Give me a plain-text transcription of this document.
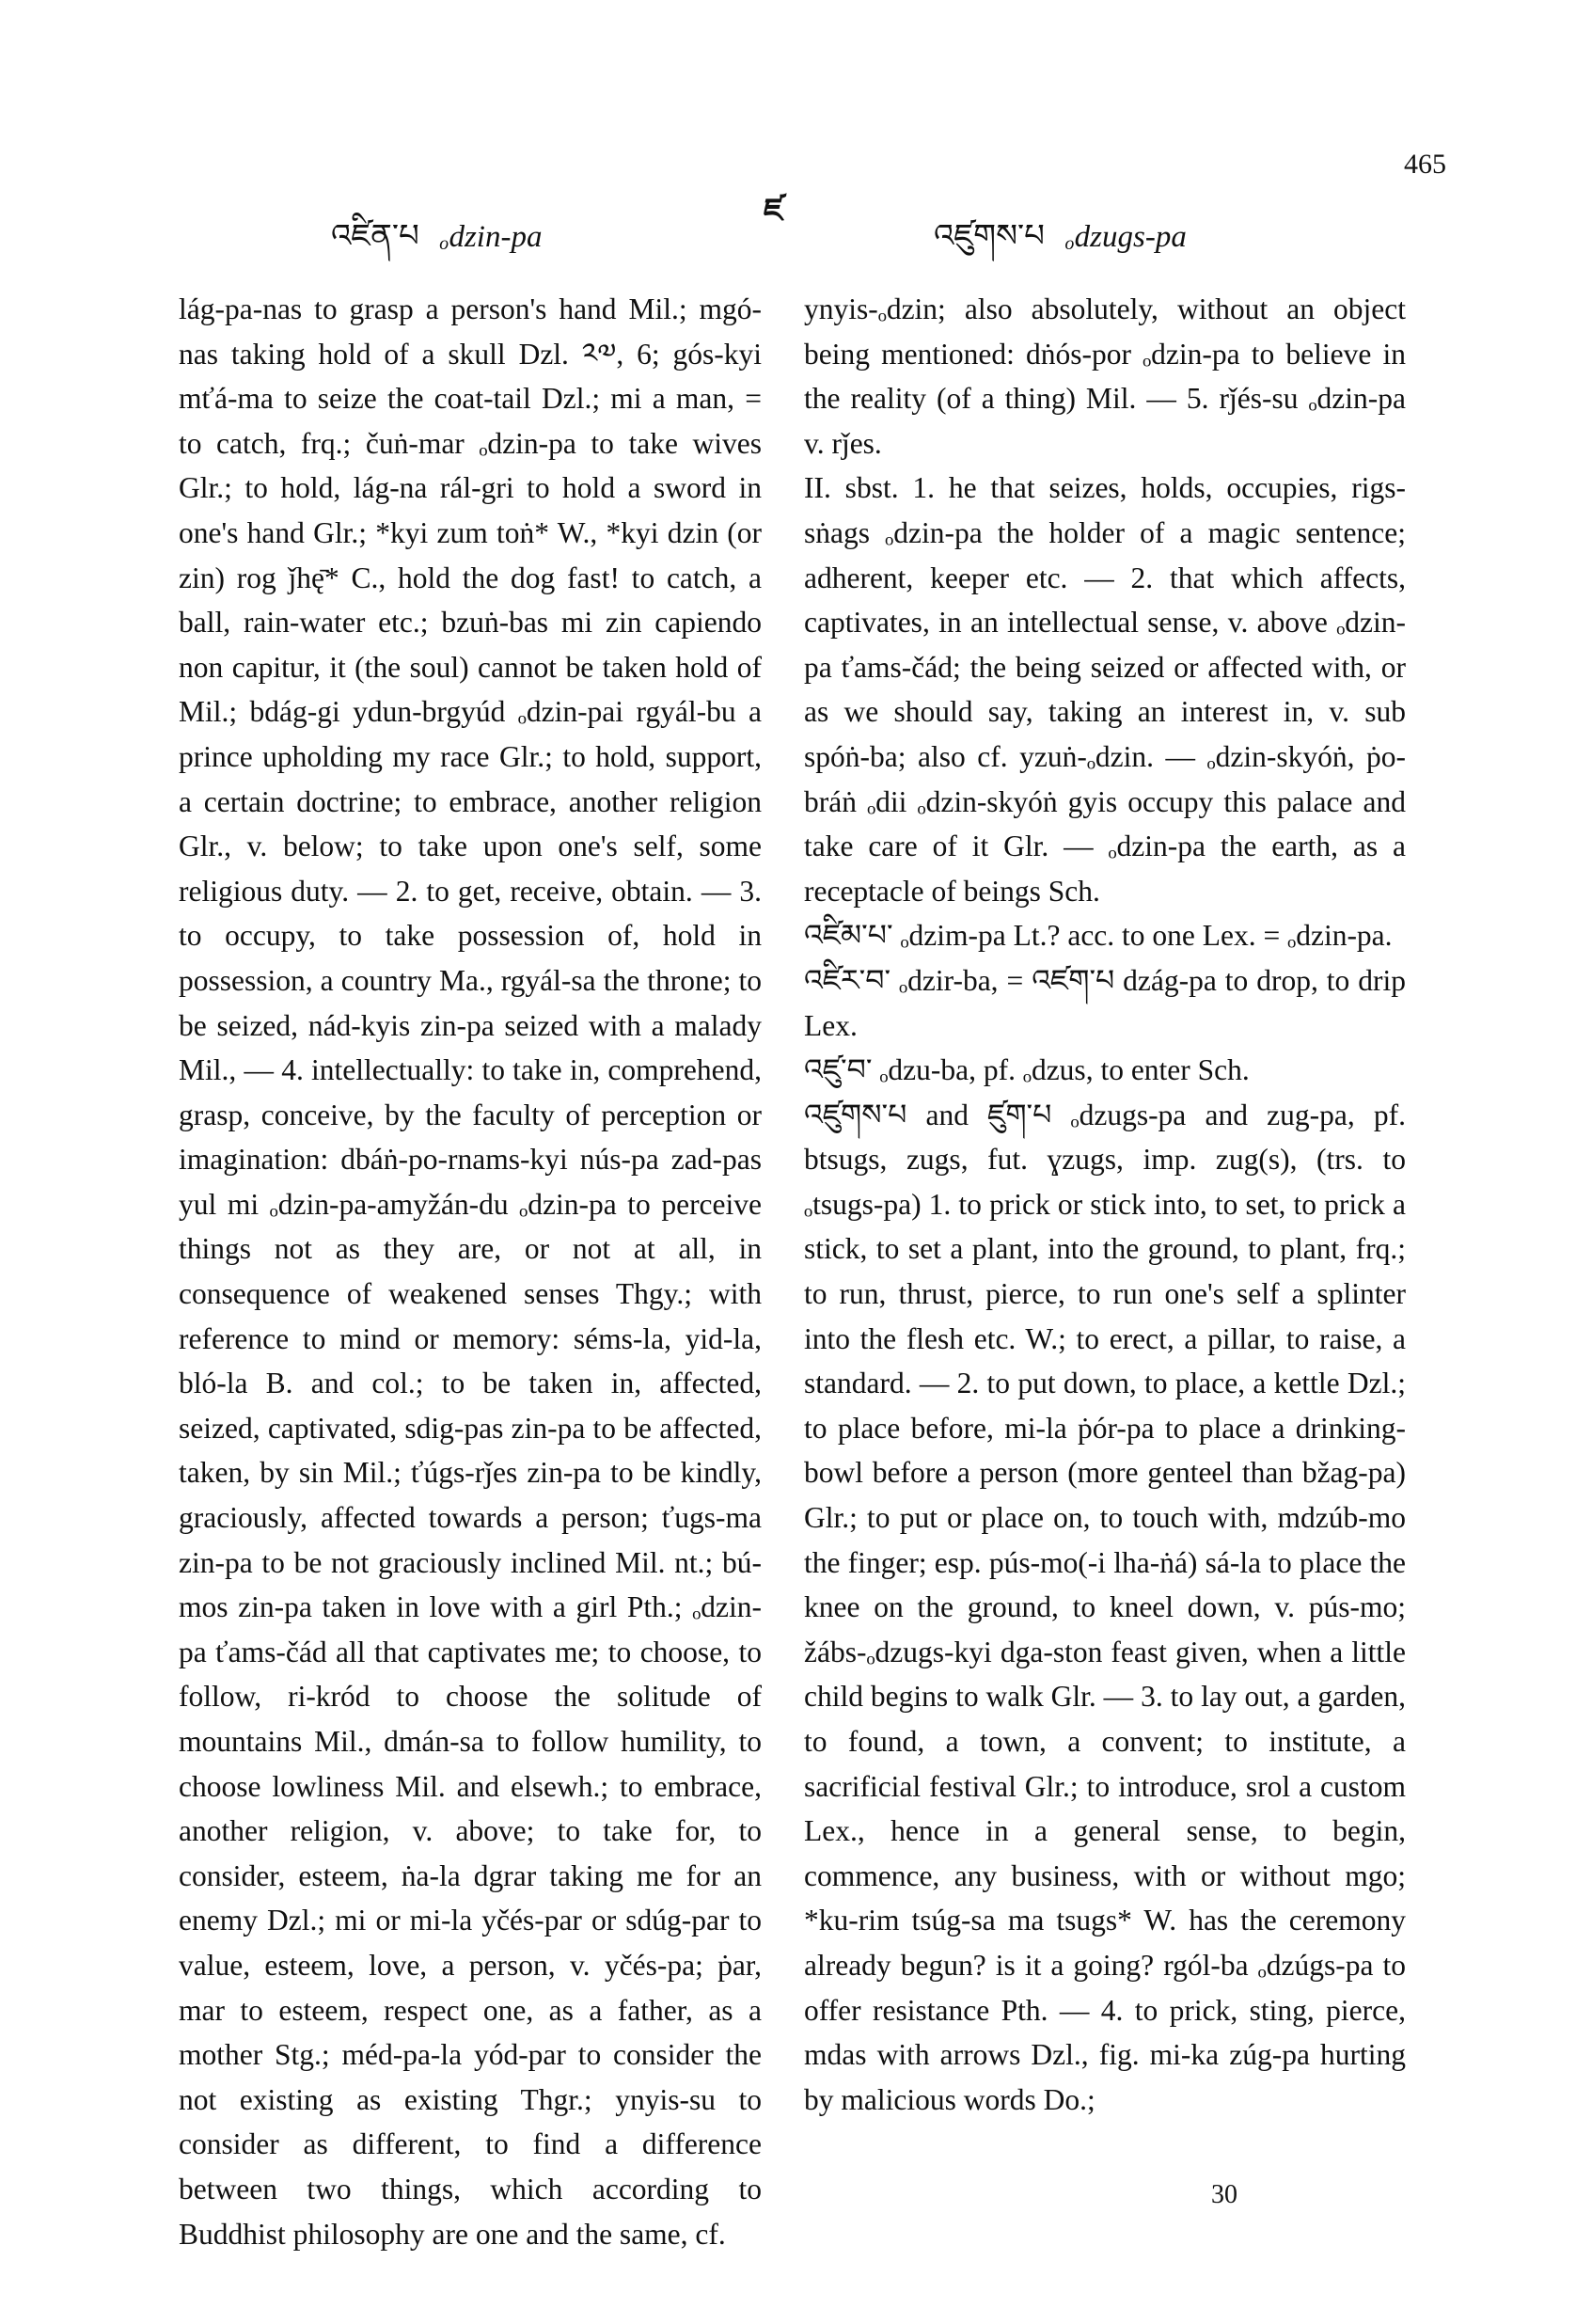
ཛ
465
འཛིན་པ ₒdzin-pa	འཛུགས་པ ₒdzugs-pa

lág-pa-nas to grasp a person's hand Mil.; mgó-nas taking hold of a skull Dzl. ༢༧, 6; gós-kyi mťá-ma to seize the coat-tail Dzl.; mi a man, = to catch, frq.; čuṅ-mar ₒdzin-pa to take wives Glr.; to hold, lág-na rál-gri to hold a sword in one's hand Glr.; *kyi zum toṅ* W., *kyi dzin (or zin) rog ǰhę̄* C., hold the dog fast! to catch, a ball, rain-water etc.; bzuṅ-bas mi zin capiendo non capitur, it (the soul) cannot be taken hold of Mil.; bdág-gi ydun-brgyúd ₒdzin-pai rgyál-bu a prince upholding my race Glr.; to hold, support, a certain doctrine; to embrace, another religion Glr., v. below; to take upon one's self, some religious duty. — 2. to get, receive, obtain. — 3. to occupy, to take possession of, hold in possession, a country Ma., rgyál-sa the throne; to be seized, nád-kyis zin-pa seized with a malady Mil., — 4. intellectually: to take in, comprehend, grasp, conceive, by the faculty of perception or imagination: dbáṅ-po-rnams-kyi nús-pa zad-pas yul mi ₒdzin-pa-amyžán-du ₒdzin-pa to perceive things not as they are, or not at all, in consequence of weakened senses Thgy.; with reference to mind or memory: séms-la, yid-la, bló-la B. and col.; to be taken in, affected, seized, captivated, sdig-pas zin-pa to be affected, taken, by sin Mil.; ťúgs-rǰes zin-pa to be kindly, graciously, affected towards a person; ťugs-ma zin-pa to be not graciously inclined Mil. nt.; bú-mos zin-pa taken in love with a girl Pth.; ₒdzin-pa ťams-čád all that captivates me; to choose, to follow, ri-kród to choose the solitude of mountains Mil., dmán-sa to follow humility, to choose lowliness Mil. and elsewh.; to embrace, another religion, v. above; to take for, to consider, esteem, ṅa-la dgrar taking me for an enemy Dzl.; mi or mi-la yčés-par or sdúg-par to value, esteem, love, a person, v. yčés-pa; ṗar, mar to esteem, respect one, as a father, as a mother Stg.; méd-pa-la yód-par to consider the not existing as existing Thgr.; ynyis-su to consider as different, to find a difference between two things, which according to Buddhist philosophy are one and the same, cf.

ynyis-ₒdzin; also absolutely, without an object being mentioned: dṅós-por ₒdzin-pa to believe in the reality (of a thing) Mil. — 5. rǰés-su ₒdzin-pa v. rǰes.

II. sbst. 1. he that seizes, holds, occupies, rigs-sṅags ₒdzin-pa the holder of a magic sentence; adherent, keeper etc. — 2. that which affects, captivates, in an intellectual sense, v. above ₒdzin-pa ťams-čád; the being seized or affected with, or as we should say, taking an interest in, v. sub spóṅ-ba; also cf. yzuṅ-ₒdzin. — ₒdzin-skyóṅ, ṗo-bráṅ ₒdii ₒdzin-skyóṅ gyis occupy this palace and take care of it Glr. — ₒdzin-pa the earth, as a receptacle of beings Sch.

འཛིམ་པ་ ₒdzim-pa Lt.? acc. to one Lex. = ₒdzin-pa.

འཛིར་བ་ ₒdzir-ba, = འཛག་པ dzág-pa to drop, to drip Lex.

འཛུ་བ་ ₒdzu-ba, pf. ₒdzus, to enter Sch.

འཛུགས་པ and ཛུག་པ ₒdzugs-pa and zug-pa, pf. btsugs, zugs, fut. ɣzugs, imp. zug(s), (trs. to ₒtsugs-pa) 1. to prick or stick into, to set, to prick a stick, to set a plant, into the ground, to plant, frq.; to run, thrust, pierce, to run one's self a splinter into the flesh etc. W.; to erect, a pillar, to raise, a standard. — 2. to put down, to place, a kettle Dzl.; to place before, mi-la ṗór-pa to place a drinking-bowl before a person (more genteel than bžag-pa) Glr.; to put or place on, to touch with, mdzúb-mo the finger; esp. pús-mo(-i lha-ṅá) sá-la to place the knee on the ground, to kneel down, v. pús-mo; žábs-ₒdzugs-kyi dga-ston feast given, when a little child begins to walk Glr. — 3. to lay out, a garden, to found, a town, a convent; to institute, a sacrificial festival Glr.; to introduce, srol a custom Lex., hence in a general sense, to begin, commence, any business, with or without mgo; *ku-rim tsúg-sa ma tsugs* W. has the ceremony already begun? is it a going? rgól-ba ₒdzúgs-pa to offer resistance Pth. — 4. to prick, sting, pierce, mdas with arrows Dzl., fig. mi-ka zúg-pa hurting by malicious words Do.;

30
